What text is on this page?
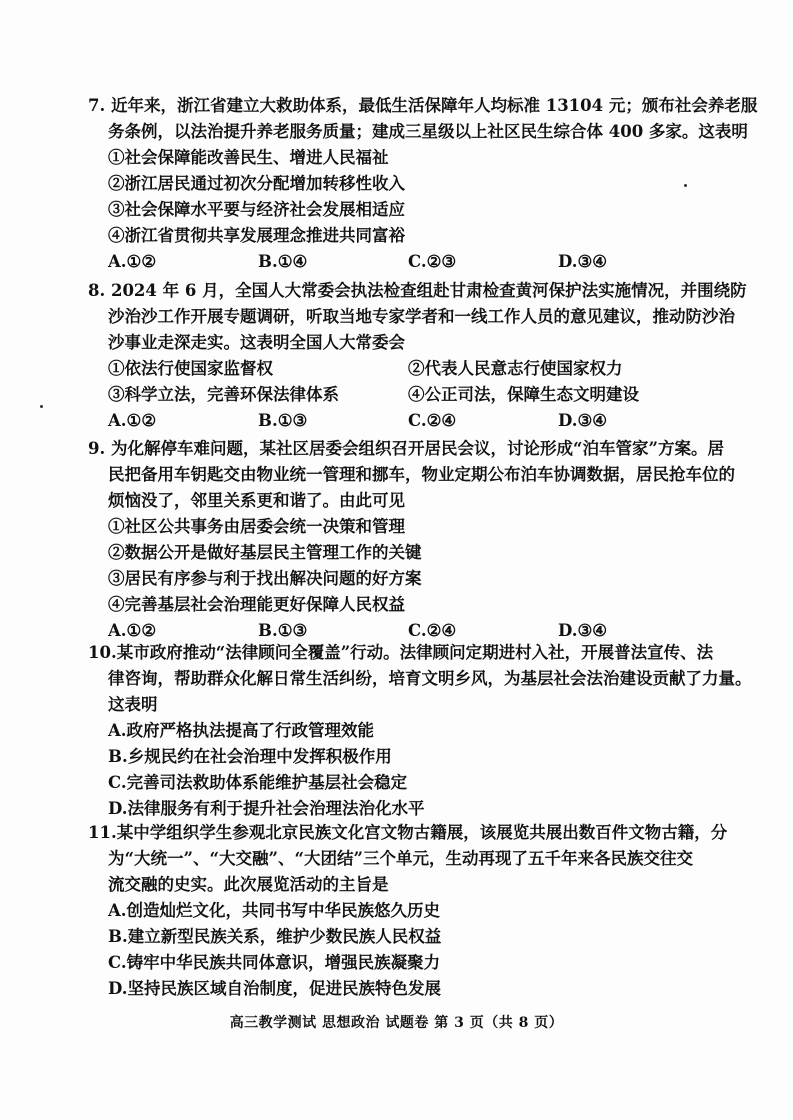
7. 近年来，浙江省建立大救助体系，最低生活保障年人均标准 13104 元；颁布社会养老服
务条例，以法治提升养老服务质量；建成三星级以上社区民生综合体 400 多家。这表明
①社会保障能改善民生、增进人民福祉
②浙江居民通过初次分配增加转移性收入
③社会保障水平要与经济社会发展相适应
④浙江省贯彻共享发展理念推进共同富裕
A.①②	B.①④	C.②③	D.③④
8. 2024 年 6 月，全国人大常委会执法检查组赴甘肃检查黄河保护法实施情况，并围绕防
沙治沙工作开展专题调研，听取当地专家学者和一线工作人员的意见建议，推动防沙治
沙事业走深走实。这表明全国人大常委会
①依法行使国家监督权	②代表人民意志行使国家权力
③科学立法，完善环保法律体系	④公正司法，保障生态文明建设
A.①②	B.①③	C.②④	D.③④
9. 为化解停车难问题，某社区居委会组织召开居民会议，讨论形成“泊车管家”方案。居
民把备用车钥匙交由物业统一管理和挪车，物业定期公布泊车协调数据，居民抢车位的
烦恼没了，邻里关系更和谐了。由此可见
①社区公共事务由居委会统一决策和管理
②数据公开是做好基层民主管理工作的关键
③居民有序参与利于找出解决问题的好方案
④完善基层社会治理能更好保障人民权益
A.①②	B.①③	C.②④	D.③④
10.某市政府推动“法律顾问全覆盖”行动。法律顾问定期进村入社，开展普法宣传、法
律咨询，帮助群众化解日常生活纠纷，培育文明乡风，为基层社会法治建设贡献了力量。
这表明
A.政府严格执法提高了行政管理效能
B.乡规民约在社会治理中发挥积极作用
C.完善司法救助体系能维护基层社会稳定
D.法律服务有利于提升社会治理法治化水平
11.某中学组织学生参观北京民族文化宫文物古籍展，该展览共展出数百件文物古籍，分
为“大统一”、“大交融”、“大团结”三个单元，生动再现了五千年来各民族交往交
流交融的史实。此次展览活动的主旨是
A.创造灿烂文化，共同书写中华民族悠久历史
B.建立新型民族关系，维护少数民族人民权益
C.铸牢中华民族共同体意识，增强民族凝聚力
D.坚持民族区域自治制度，促进民族特色发展
高三教学测试 思想政治 试题卷 第 3 页（共 8 页）
